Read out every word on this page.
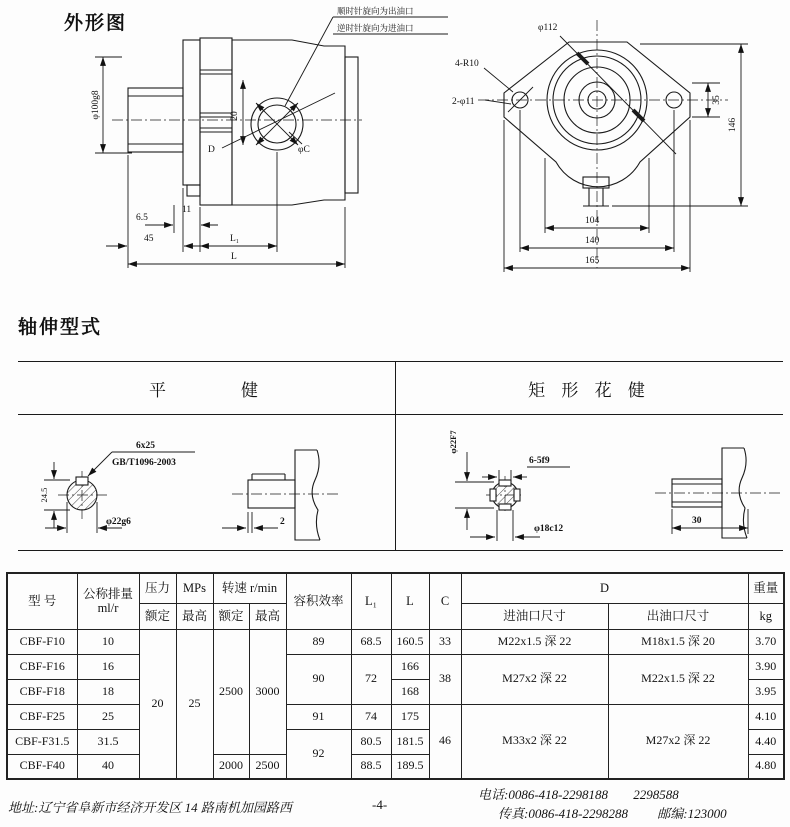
外形图
20
顺时针旋向为出油口
逆时针旋向为进油口
D	φC
φ100g8
6.5
11
45	L₁
L
φ112
4-R10
2-φ11	35
146
104
140
165
轴伸型式
平　　　健	矩 形 花 健
6x25
GB/T1096-2003
24.5
φ22g6	2
φ22F7
6-5f9
φ18c12
30
型 号	公称排量
ml/r	压力	MPs	转速 r/min		容积效率	L₁	L	C	D		重量
		额定	最高	额定	最高					进油口尺寸	出油口尺寸	kg
CBF-F10	10	20	25	2500	3000	89	68.5	160.5	33	M22x1.5 深 22	M18x1.5 深 20	3.70
CBF-F16	16					90	72	166	38	M27x2 深 22	M22x1.5 深 22	3.90
CBF-F18	18							168				3.95
CBF-F25	25					91	74	175	46	M33x2 深 22	M27x2 深 22	4.10
CBF-F31.5	31.5					92	80.5	181.5				4.40
CBF-F40	40			2000	2500		88.5	189.5				4.80
地址:辽宁省阜新市经济开发区 14 路南机加园路西	-4-
电话:0086-418-2298188 2298588
传真:0086-418-2298288 邮编:123000
